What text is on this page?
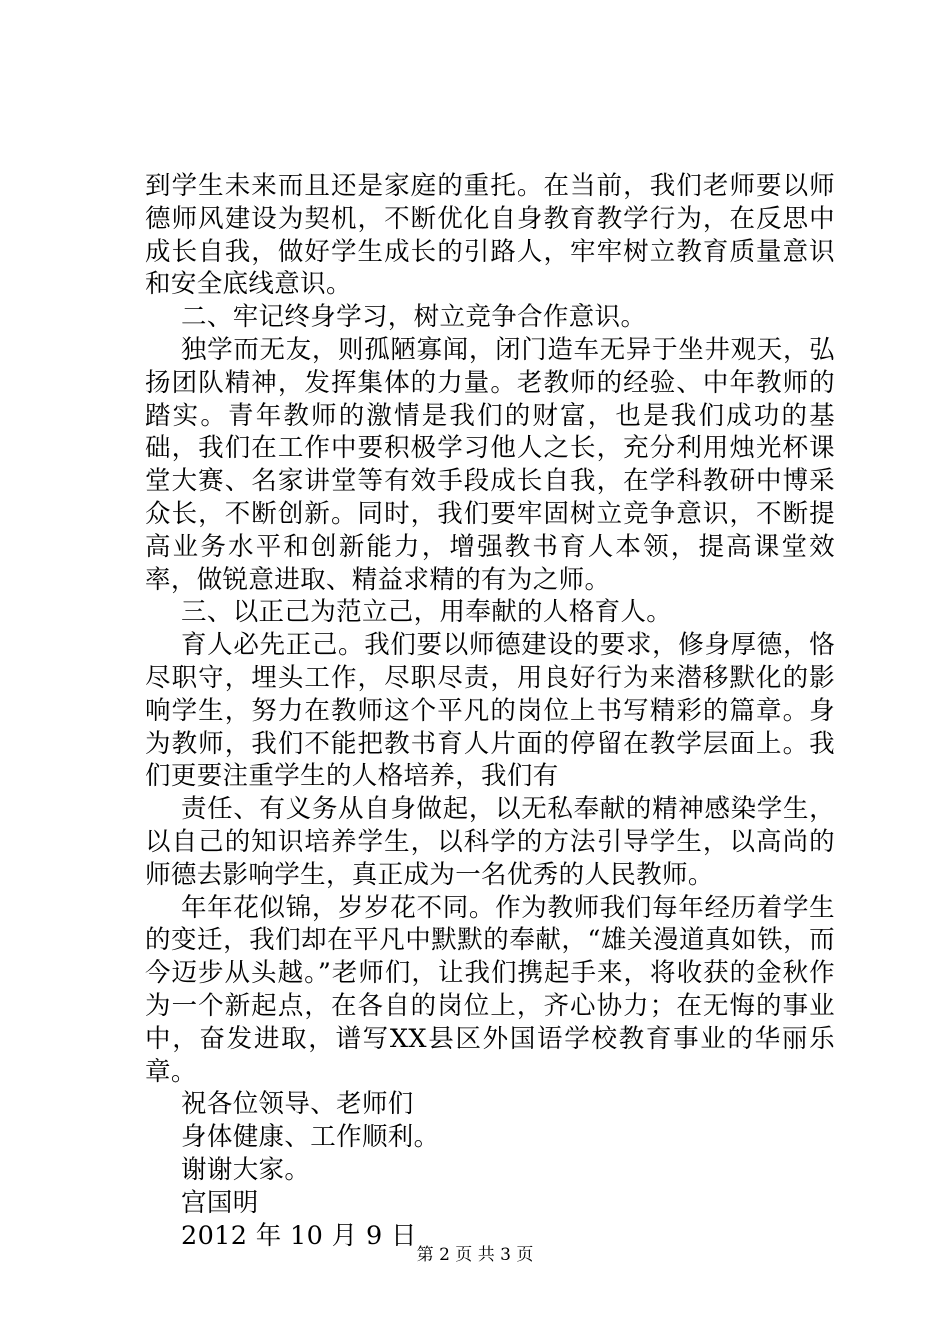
到学生未来而且还是家庭的重托。在当前，我们老师要以师德师风建设为契机，不断优化自身教育教学行为，在反思中成长自我，做好学生成长的引路人，牢牢树立教育质量意识和安全底线意识。

二、牢记终身学习，树立竞争合作意识。

独学而无友，则孤陋寡闻，闭门造车无异于坐井观天，弘扬团队精神，发挥集体的力量。老教师的经验、中年教师的踏实。青年教师的激情是我们的财富，也是我们成功的基础，我们在工作中要积极学习他人之长，充分利用烛光杯课堂大赛、名家讲堂等有效手段成长自我，在学科教研中博采众长，不断创新。同时，我们要牢固树立竞争意识，不断提高业务水平和创新能力，增强教书育人本领，提高课堂效率，做锐意进取、精益求精的有为之师。

三、以正己为范立己，用奉献的人格育人。

育人必先正己。我们要以师德建设的要求，修身厚德，恪尽职守，埋头工作，尽职尽责，用良好行为来潜移默化的影响学生，努力在教师这个平凡的岗位上书写精彩的篇章。身为教师，我们不能把教书育人片面的停留在教学层面上。我们更要注重学生的人格培养，我们有

责任、有义务从自身做起，以无私奉献的精神感染学生，以自己的知识培养学生，以科学的方法引导学生，以高尚的师德去影响学生，真正成为一名优秀的人民教师。

年年花似锦，岁岁花不同。作为教师我们每年经历着学生的变迁，我们却在平凡中默默的奉献，“雄关漫道真如铁，而今迈步从头越。”老师们，让我们携起手来，将收获的金秋作为一个新起点，在各自的岗位上，齐心协力；在无悔的事业中，奋发进取，谱写XX县区外国语学校教育事业的华丽乐章。

祝各位领导、老师们

身体健康、工作顺利。

谢谢大家。

宫国明

2012 年 10 月 9 日

第 2 页 共 3 页
